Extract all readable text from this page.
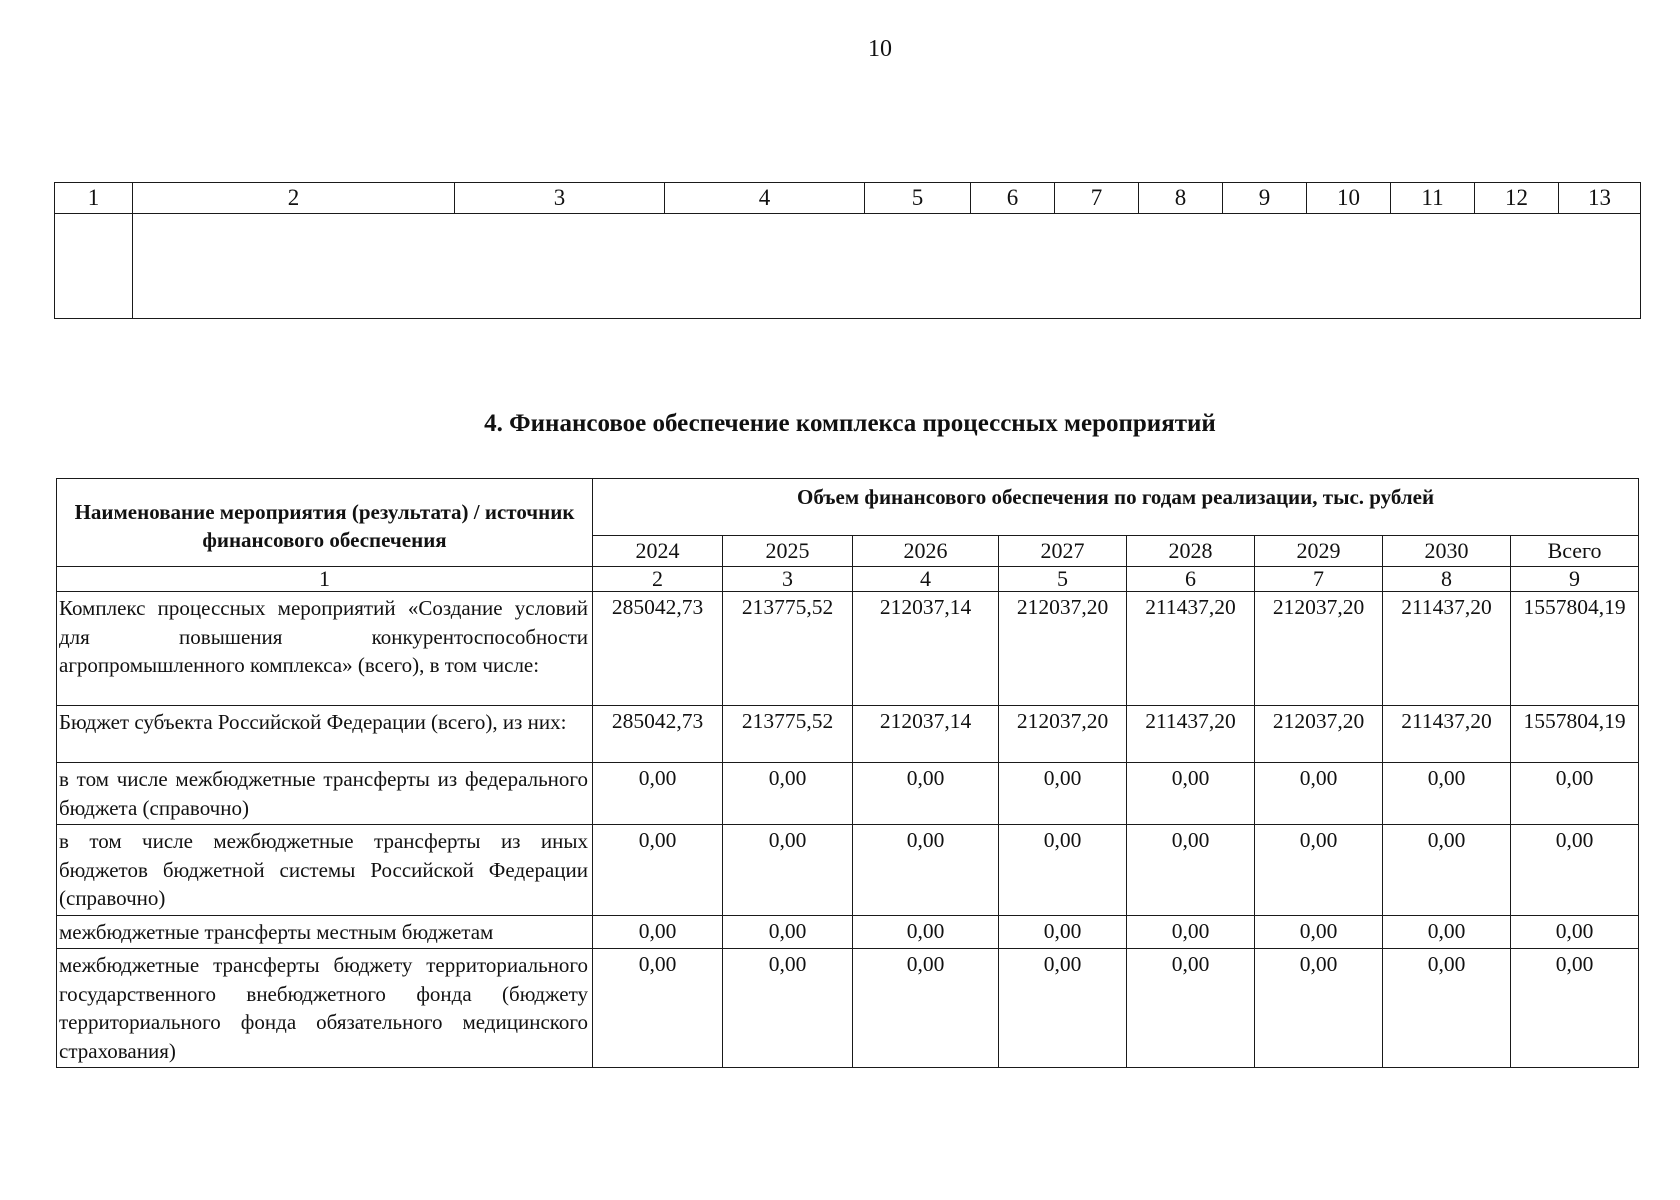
10
1	2	3	4	5	6	7	8	9	10	11	12	13

4. Финансовое обеспечение комплекса процессных мероприятий
Наименование мероприятия (результата) / источник финансового обеспечения	Объем финансового обеспечения по годам реализации, тыс. рублей							
	2024	2025	2026	2027	2028	2029	2030	Всего
1	2	3	4	5	6	7	8	9
Комплекс процессных мероприятий «Создание условий для повышения конкурентоспособности агропромышленного комплекса» (всего), в том числе:	285042,73	213775,52	212037,14	212037,20	211437,20	212037,20	211437,20	1557804,19
Бюджет субъекта Российской Федерации (всего), из них:	285042,73	213775,52	212037,14	212037,20	211437,20	212037,20	211437,20	1557804,19
в том числе межбюджетные трансферты из федерального бюджета (справочно)	0,00	0,00	0,00	0,00	0,00	0,00	0,00	0,00
в том числе межбюджетные трансферты из иных бюджетов бюджетной системы Российской Федерации (справочно)	0,00	0,00	0,00	0,00	0,00	0,00	0,00	0,00
межбюджетные трансферты местным бюджетам	0,00	0,00	0,00	0,00	0,00	0,00	0,00	0,00
межбюджетные трансферты бюджету территориального государственного внебюджетного фонда (бюджету территориального фонда обязательного медицинского страхования)	0,00	0,00	0,00	0,00	0,00	0,00	0,00	0,00
